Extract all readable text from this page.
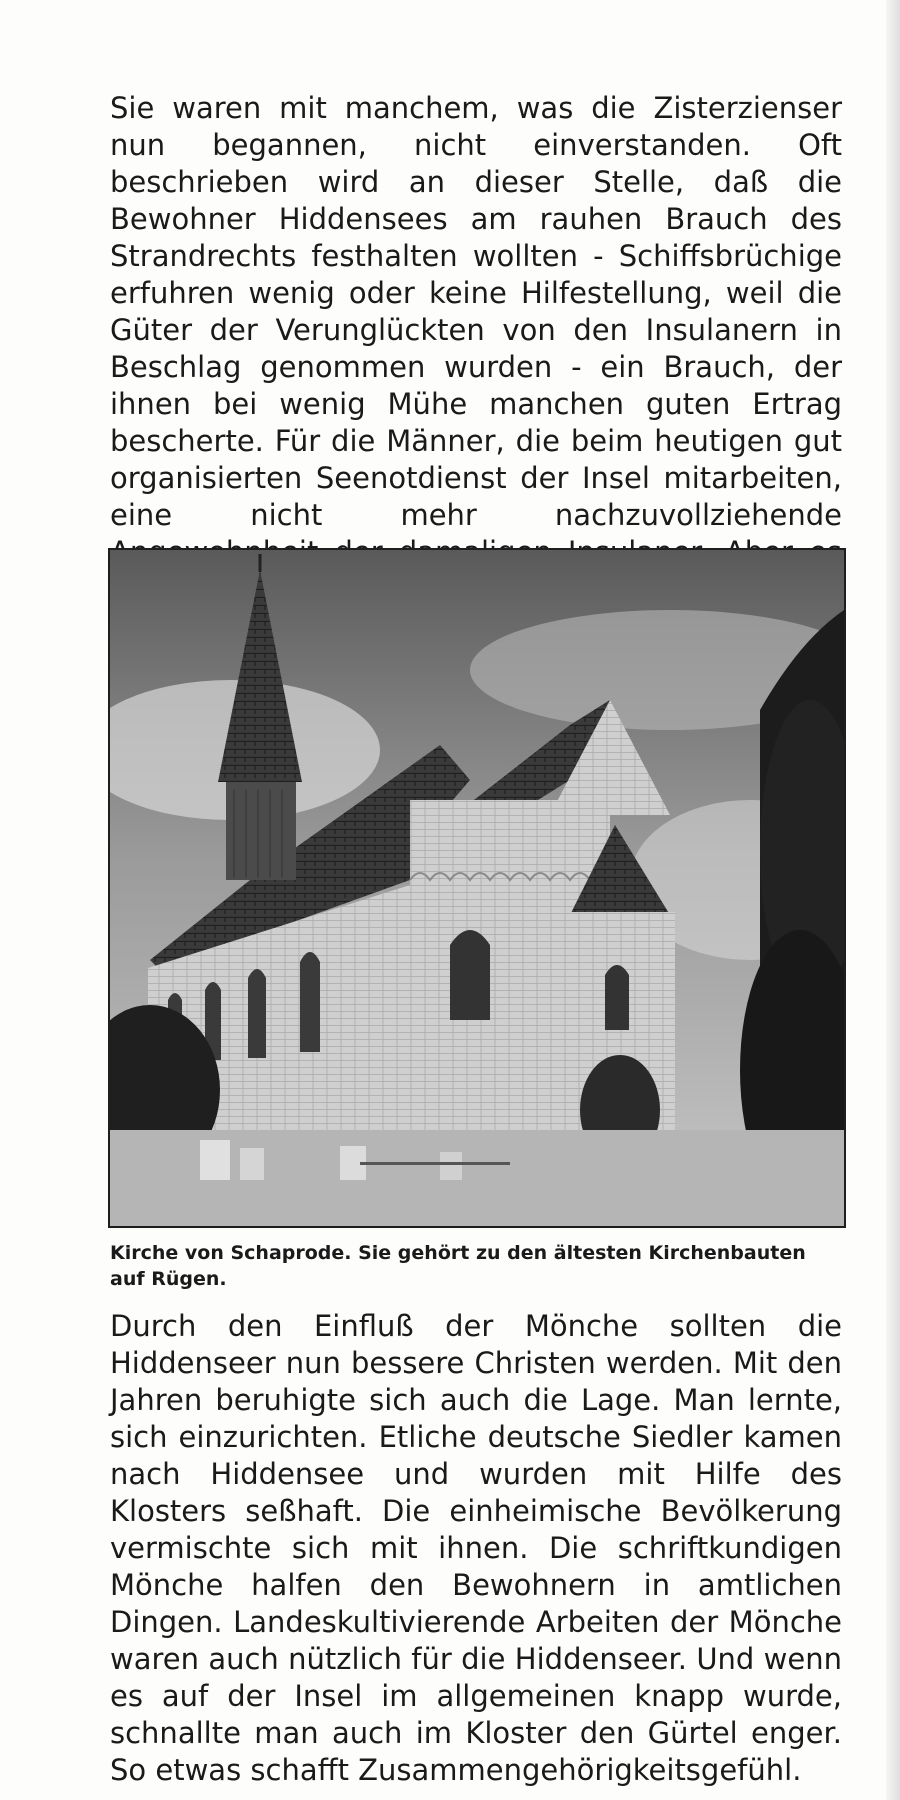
Sie waren mit manchem, was die Zisterzienser nun begannen, nicht einverstanden. Oft beschrieben wird an dieser Stelle, daß die Bewohner Hiddensees am rauhen Brauch des Strandrechts festhalten wollten - Schiffsbrüchige erfuhren wenig oder keine Hilfestellung, weil die Güter der Verunglückten von den Insulanern in Beschlag genommen wurden - ein Brauch, der ihnen bei wenig Mühe manchen guten Ertrag bescherte. Für die Männer, die beim heutigen gut organisierten Seenotdienst der Insel mitarbeiten, eine nicht mehr nachzuvollziehende

Kirche von Schaprode. Sie gehört zu den ältesten Kirchenbauten auf Rügen.

Durch den Einfluß der Mönche sollten die Hiddenseer nun bessere Christen werden. Mit den Jahren beruhigte sich auch die Lage. Man lernte, sich einzurichten. Etliche deutsche Siedler kamen nach Hiddensee und wurden mit Hilfe des Klosters seßhaft. Die einheimische Bevölkerung vermischte sich mit ihnen. Die schriftkundigen Mönche halfen den Bewohnern in amtlichen Dingen. Landeskultivierende Arbeiten der Mönche waren auch nützlich für die Hiddenseer. Und wenn es auf der Insel im allgemeinen knapp wurde, schnallte man auch im Kloster den Gürtel enger. So etwas schafft Zusammengehörigkeitsgefühl.
